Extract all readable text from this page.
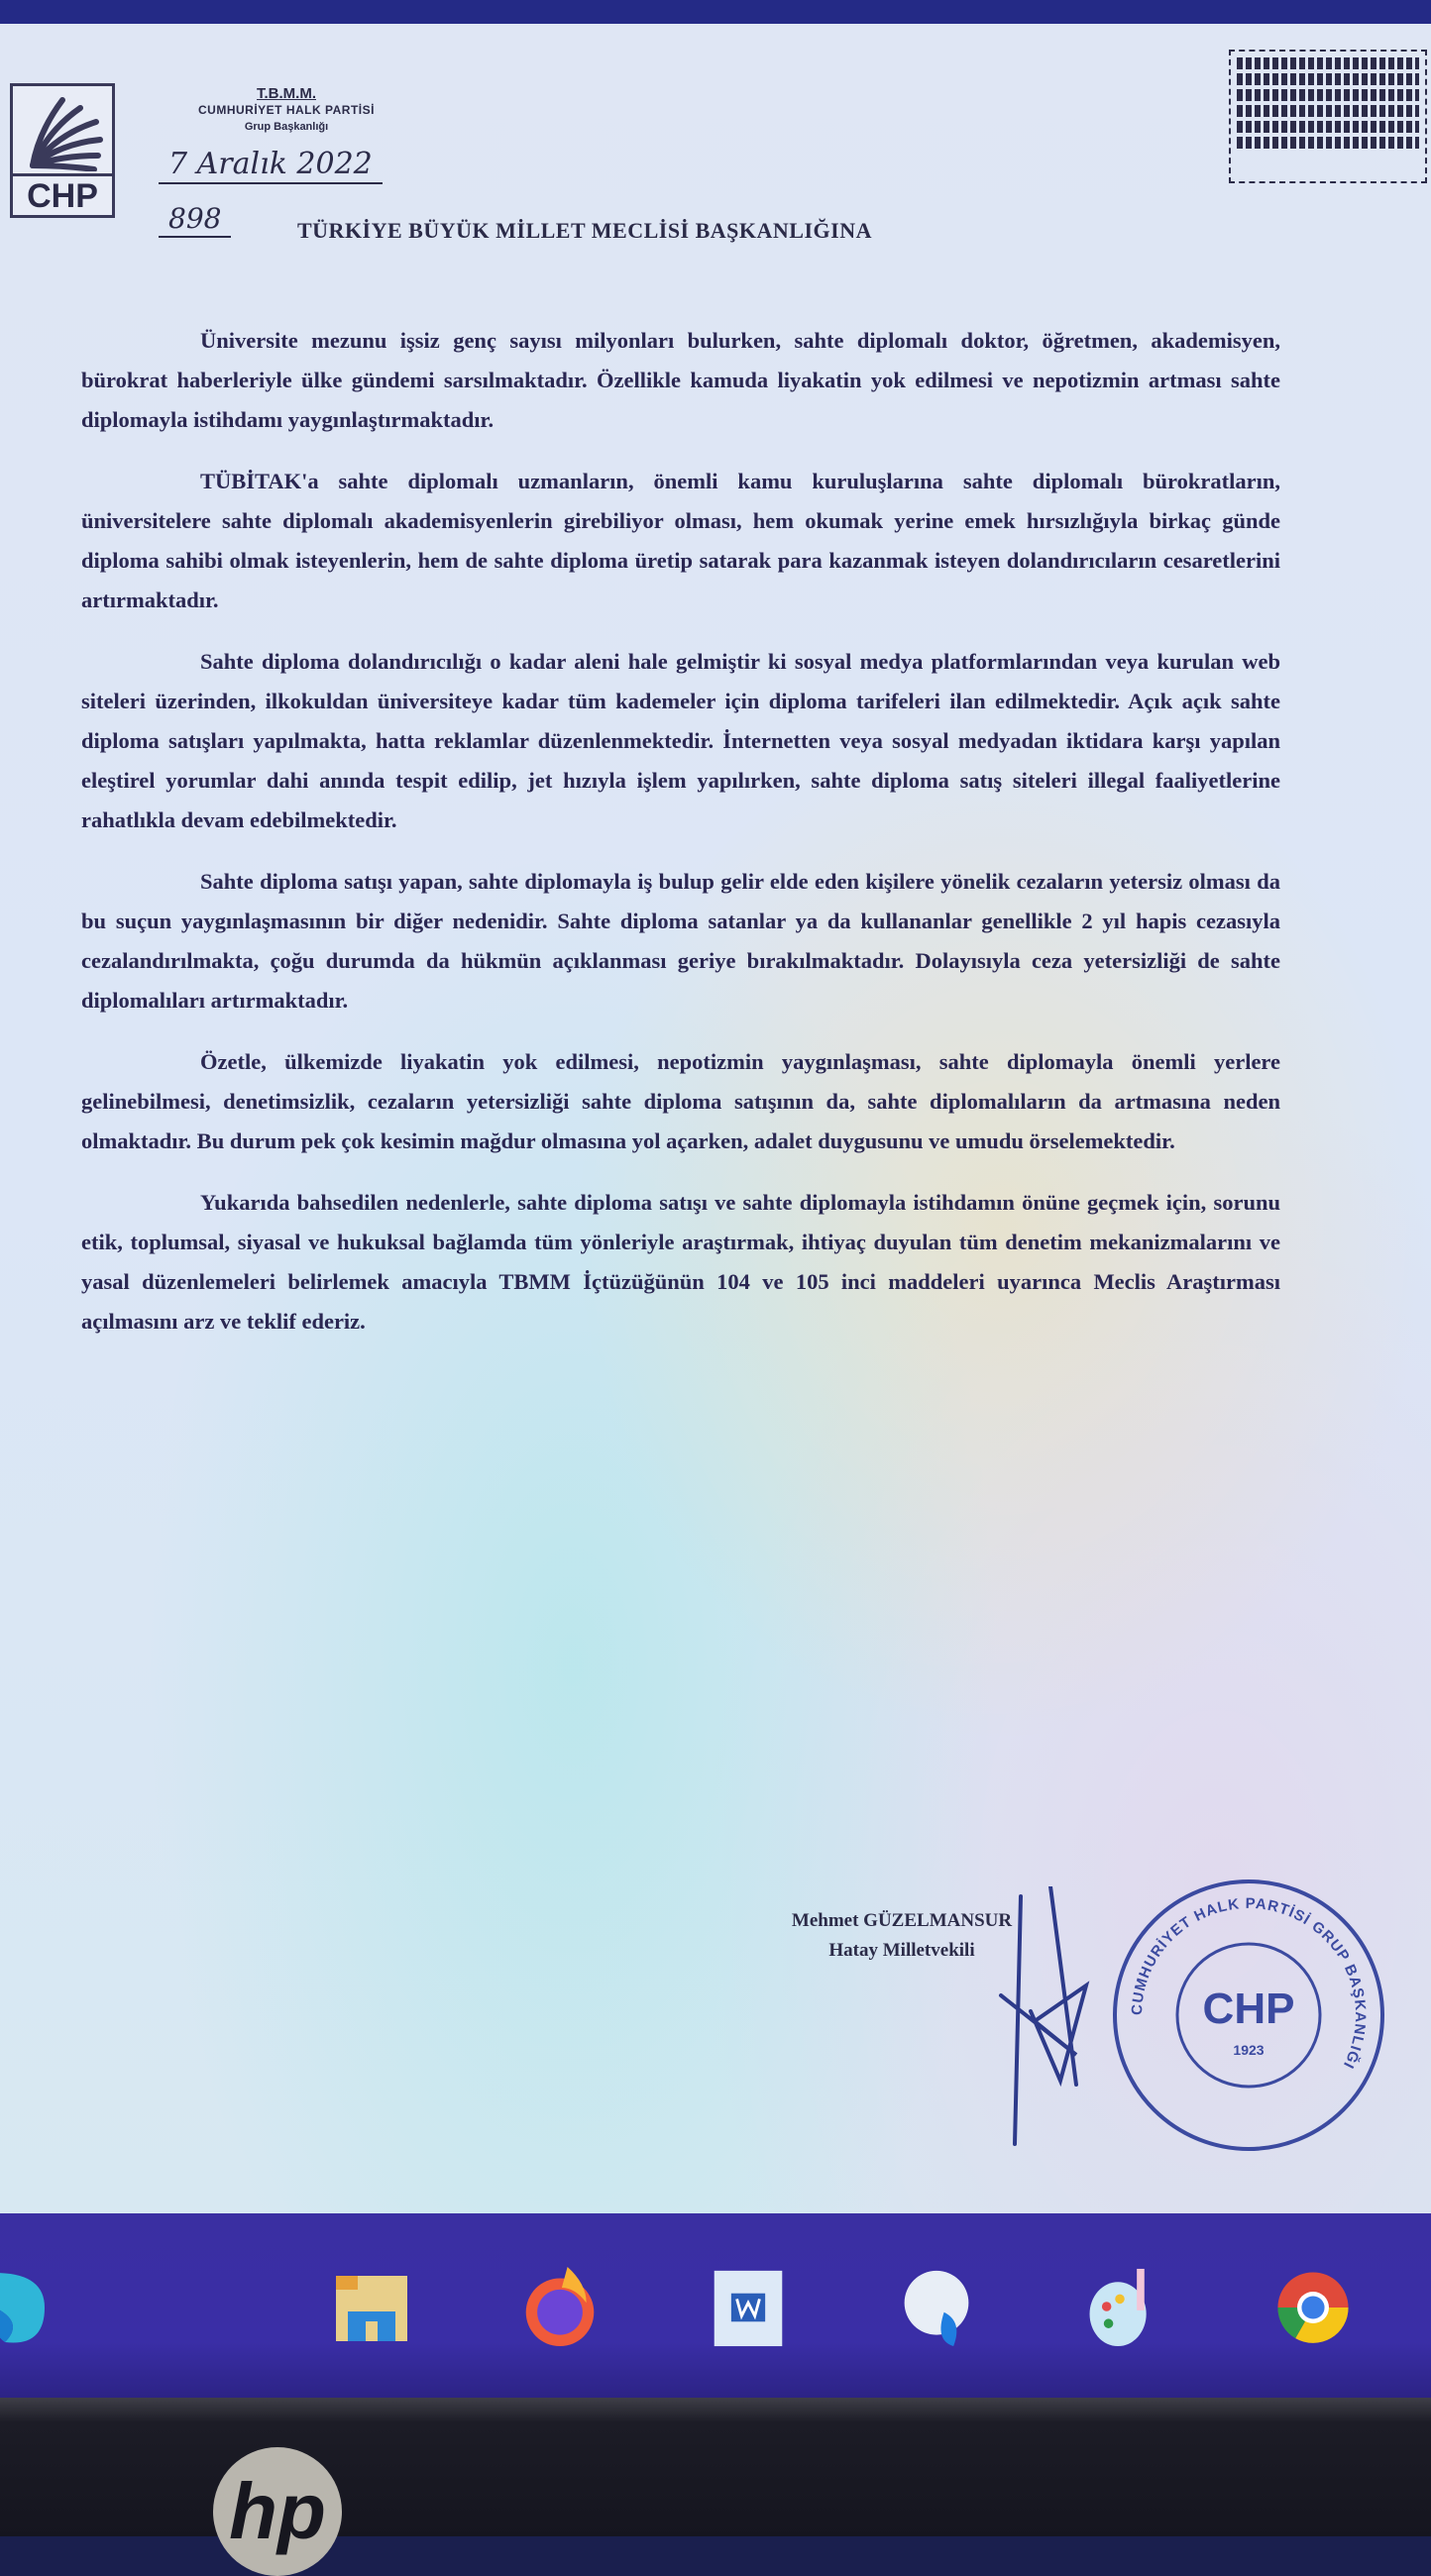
CHP
T.B.M.M.
CUMHURİYET HALK PARTİSİ
Grup Başkanlığı
7 Aralık 2022
898	TÜRKİYE BÜYÜK MİLLET MECLİSİ BAŞKANLIĞINA

Üniversite mezunu işsiz genç sayısı milyonları bulurken, sahte diplomalı doktor, öğretmen, akademisyen, bürokrat haberleriyle ülke gündemi sarsılmaktadır. Özellikle kamuda liyakatin yok edilmesi ve nepotizmin artması sahte diplomayla istihdamı yaygınlaştırmaktadır.

TÜBİTAK'a sahte diplomalı uzmanların, önemli kamu kuruluşlarına sahte diplomalı bürokratların, üniversitelere sahte diplomalı akademisyenlerin girebiliyor olması, hem okumak yerine emek hırsızlığıyla birkaç günde diploma sahibi olmak isteyenlerin, hem de sahte diploma üretip satarak para kazanmak isteyen dolandırıcıların cesaretlerini artırmaktadır.

Sahte diploma dolandırıcılığı o kadar aleni hale gelmiştir ki sosyal medya platformlarından veya kurulan web siteleri üzerinden, ilkokuldan üniversiteye kadar tüm kademeler için diploma tarifeleri ilan edilmektedir. Açık açık sahte diploma satışları yapılmakta, hatta reklamlar düzenlenmektedir. İnternetten veya sosyal medyadan iktidara karşı yapılan eleştirel yorumlar dahi anında tespit edilip, jet hızıyla işlem yapılırken, sahte diploma satış siteleri illegal faaliyetlerine rahatlıkla devam edebilmektedir.

Sahte diploma satışı yapan, sahte diplomayla iş bulup gelir elde eden kişilere yönelik cezaların yetersiz olması da bu suçun yaygınlaşmasının bir diğer nedenidir. Sahte diploma satanlar ya da kullananlar genellikle 2 yıl hapis cezasıyla cezalandırılmakta, çoğu durumda da hükmün açıklanması geriye bırakılmaktadır. Dolayısıyla ceza yetersizliği de sahte diplomalıları artırmaktadır.

Özetle, ülkemizde liyakatin yok edilmesi, nepotizmin yaygınlaşması, sahte diplomayla önemli yerlere gelinebilmesi, denetimsizlik, cezaların yetersizliği sahte diploma satışının da, sahte diplomalıların da artmasına neden olmaktadır. Bu durum pek çok kesimin mağdur olmasına yol açarken, adalet duygusunu ve umudu örselemektedir.

Yukarıda bahsedilen nedenlerle, sahte diploma satışı ve sahte diplomayla istihdamın önüne geçmek için, sorunu etik, toplumsal, siyasal ve hukuksal bağlamda tüm yönleriyle araştırmak, ihtiyaç duyulan tüm denetim mekanizmalarını ve yasal düzenlemeleri belirlemek amacıyla TBMM İçtüzüğünün 104 ve 105 inci maddeleri uyarınca Meclis Araştırması açılmasını arz ve teklif ederiz.

Mehmet GÜZELMANSUR
Hatay Milletvekili
CHP
1923
CUMHURİYET HALK PARTİSİ GRUP BAŞKANLIĞI
hp
